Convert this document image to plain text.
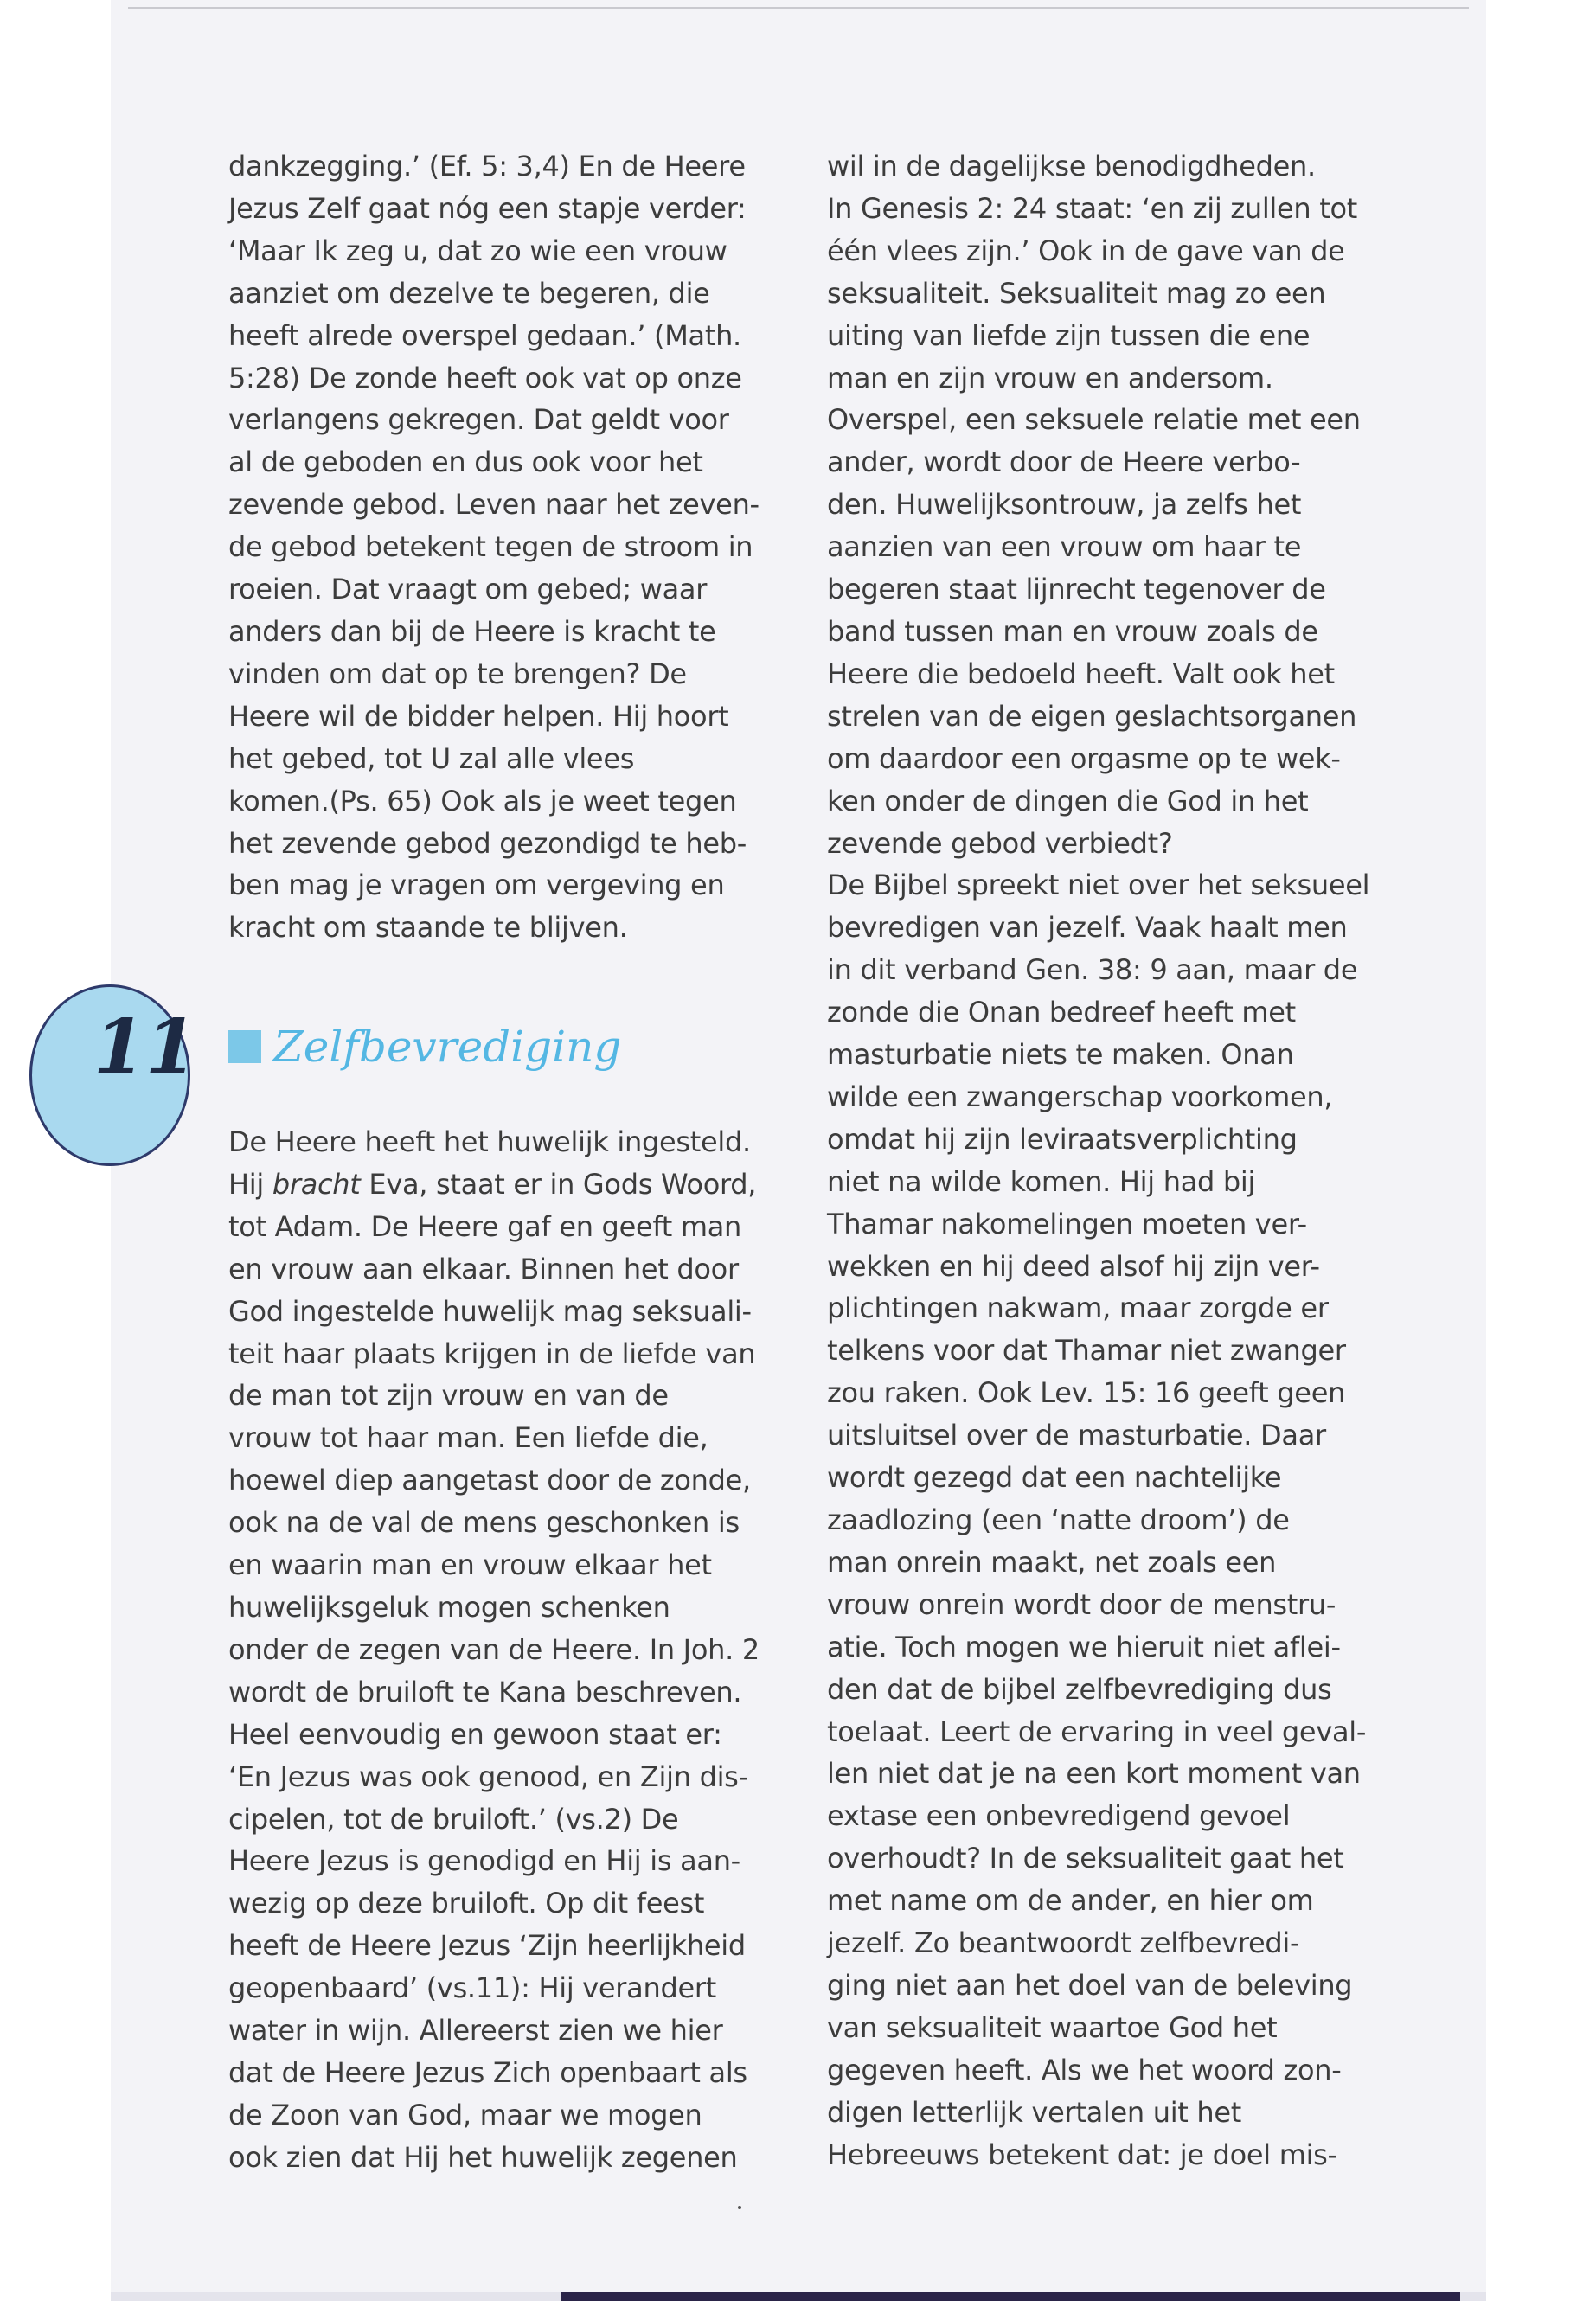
11

dankzegging.’ (Ef. 5: 3,4) En de Heere
Jezus Zelf gaat nóg een stapje verder:
‘Maar Ik zeg u, dat zo wie een vrouw
aanziet om dezelve te begeren, die
heeft alrede overspel gedaan.’ (Math.
5:28) De zonde heeft ook vat op onze
verlangens gekregen. Dat geldt voor
al de geboden en dus ook voor het
zevende gebod. Leven naar het zeven-
de gebod betekent tegen de stroom in
roeien. Dat vraagt om gebed; waar
anders dan bij de Heere is kracht te
vinden om dat op te brengen? De
Heere wil de bidder helpen. Hij hoort
het gebed, tot U zal alle vlees
komen.(Ps. 65) Ook als je weet tegen
het zevende gebod gezondigd te heb-
ben mag je vragen om vergeving en
kracht om staande te blijven.

Zelfbevrediging

De Heere heeft het huwelijk ingesteld.
Hij bracht Eva, staat er in Gods Woord,
tot Adam. De Heere gaf en geeft man
en vrouw aan elkaar. Binnen het door
God ingestelde huwelijk mag seksuali-
teit haar plaats krijgen in de liefde van
de man tot zijn vrouw en van de
vrouw tot haar man. Een liefde die,
hoewel diep aangetast door de zonde,
ook na de val de mens geschonken is
en waarin man en vrouw elkaar het
huwelijksgeluk mogen schenken
onder de zegen van de Heere. In Joh. 2
wordt de bruiloft te Kana beschreven.
Heel eenvoudig en gewoon staat er:
‘En Jezus was ook genood, en Zijn dis-
cipelen, tot de bruiloft.’ (vs.2) De
Heere Jezus is genodigd en Hij is aan-
wezig op deze bruiloft. Op dit feest
heeft de Heere Jezus ‘Zijn heerlijkheid
geopenbaard’ (vs.11): Hij verandert
water in wijn. Allereerst zien we hier
dat de Heere Jezus Zich openbaart als
de Zoon van God, maar we mogen
ook zien dat Hij het huwelijk zegenen

wil in de dagelijkse benodigdheden.
In Genesis 2: 24 staat: ‘en zij zullen tot
één vlees zijn.’ Ook in de gave van de
seksualiteit. Seksualiteit mag zo een
uiting van liefde zijn tussen die ene
man en zijn vrouw en andersom.
Overspel, een seksuele relatie met een
ander, wordt door de Heere verbo-
den. Huwelijksontrouw, ja zelfs het
aanzien van een vrouw om haar te
begeren staat lijnrecht tegenover de
band tussen man en vrouw zoals de
Heere die bedoeld heeft. Valt ook het
strelen van de eigen geslachtsorganen
om daardoor een orgasme op te wek-
ken onder de dingen die God in het
zevende gebod verbiedt?
De Bijbel spreekt niet over het seksueel
bevredigen van jezelf. Vaak haalt men
in dit verband Gen. 38: 9 aan, maar de
zonde die Onan bedreef heeft met
masturbatie niets te maken. Onan
wilde een zwangerschap voorkomen,
omdat hij zijn leviraatsverplichting
niet na wilde komen. Hij had bij
Thamar nakomelingen moeten ver-
wekken en hij deed alsof hij zijn ver-
plichtingen nakwam, maar zorgde er
telkens voor dat Thamar niet zwanger
zou raken. Ook Lev. 15: 16 geeft geen
uitsluitsel over de masturbatie. Daar
wordt gezegd dat een nachtelijke
zaadlozing (een ‘natte droom’) de
man onrein maakt, net zoals een
vrouw onrein wordt door de menstru-
atie. Toch mogen we hieruit niet aflei-
den dat de bijbel zelfbevrediging dus
toelaat. Leert de ervaring in veel geval-
len niet dat je na een kort moment van
extase een onbevredigend gevoel
overhoudt? In de seksualiteit gaat het
met name om de ander, en hier om
jezelf. Zo beantwoordt zelfbevredi-
ging niet aan het doel van de beleving
van seksualiteit waartoe God het
gegeven heeft. Als we het woord zon-
digen letterlijk vertalen uit het
Hebreeuws betekent dat: je doel mis-
